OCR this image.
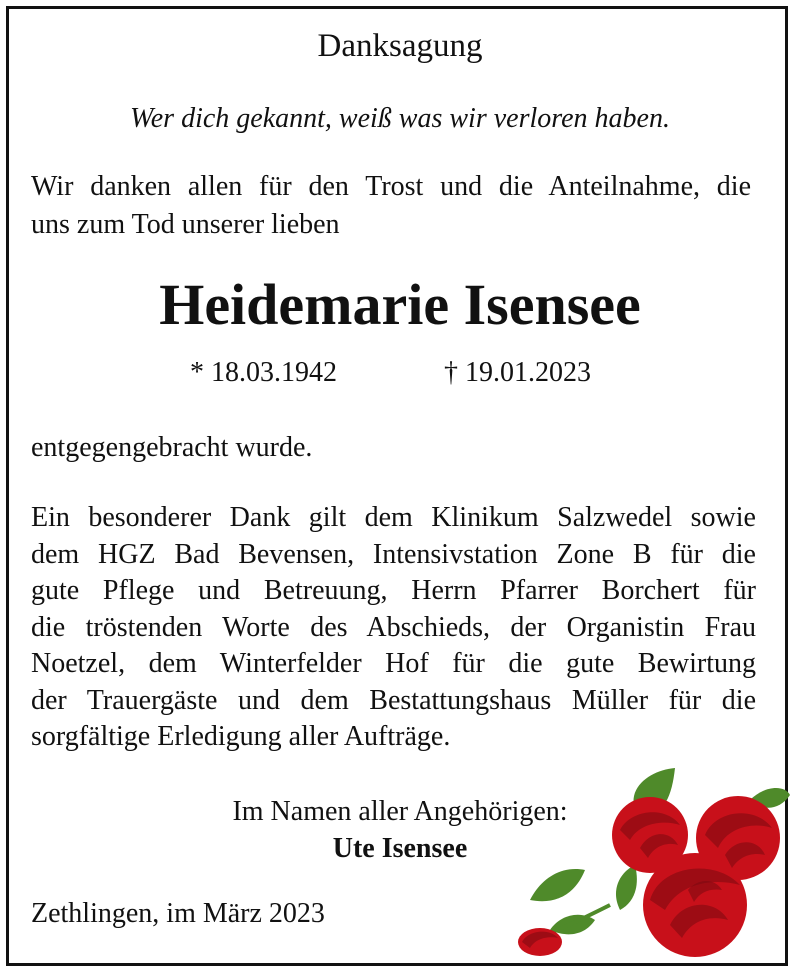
Danksagung
Wer dich gekannt, weiß was wir verloren haben.

Wir danken allen für den Trost und die Anteilnahme, die

uns zum Tod unserer lieben

Heidemarie Isensee
* 18.03.1942	† 19.01.2023
entgegengebracht wurde.

Ein besonderer Dank gilt dem Klinikum Salzwedel sowie

dem HGZ Bad Bevensen, Intensivstation Zone B für die

gute Pflege und Betreuung, Herrn Pfarrer Borchert für

die tröstenden Worte des Abschieds, der Organistin Frau

Noetzel, dem Winterfelder Hof für die gute Bewirtung

der Trauergäste und dem Bestattungshaus Müller für die

sorgfältige Erledigung aller Aufträge.

Im Namen aller Angehörigen:
Ute Isensee
Zethlingen, im März 2023
